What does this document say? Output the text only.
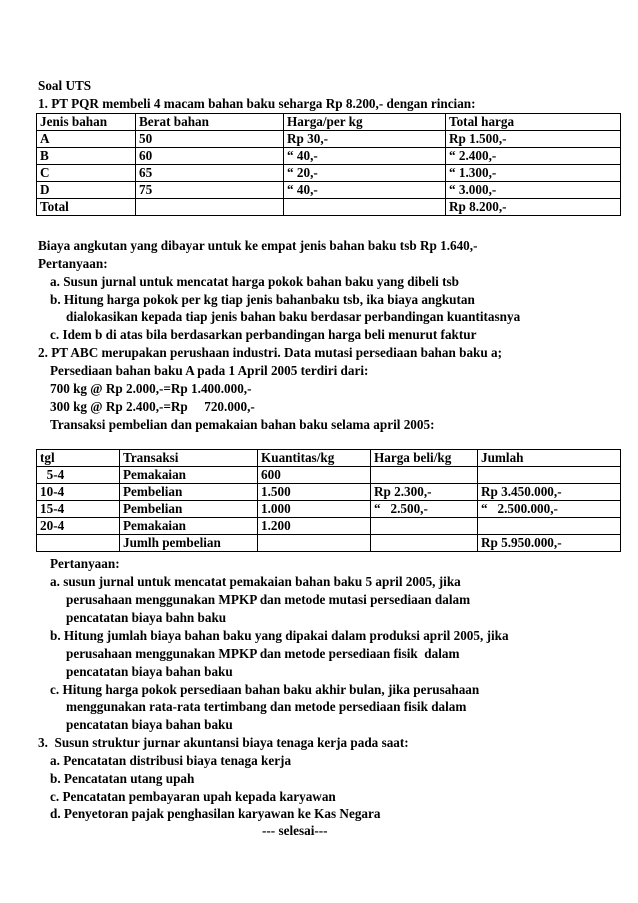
Soal UTS
1. PT PQR membeli 4 macam bahan baku seharga Rp 8.200,- dengan rincian:
Jenis bahan	Berat bahan	Harga/per kg	Total harga
A	50	Rp 30,-	Rp 1.500,-
B	60	“ 40,-	“ 2.400,-
C	65	“ 20,-	“ 1.300,-
D	75	“ 40,-	“ 3.000,-
Total			Rp 8.200,-
Biaya angkutan yang dibayar untuk ke empat jenis bahan baku tsb Rp 1.640,-
Pertanyaan:
a. Susun jurnal untuk mencatat harga pokok bahan baku yang dibeli tsb
b. Hitung harga pokok per kg tiap jenis bahanbaku tsb, ika biaya angkutan
dialokasikan kepada tiap jenis bahan baku berdasar perbandingan kuantitasnya
c. Idem b di atas bila berdasarkan perbandingan harga beli menurut faktur
2. PT ABC merupakan perushaan industri. Data mutasi persediaan bahan baku a;
Persediaan bahan baku A pada 1 April 2005 terdiri dari:
700 kg @ Rp 2.000,-=Rp 1.400.000,-
300 kg @ Rp 2.400,-=Rp     720.000,-
Transaksi pembelian dan pemakaian bahan baku selama april 2005:
tgl	Transaksi	Kuantitas/kg	Harga beli/kg	Jumlah
5-4	Pemakaian	600		
10-4	Pembelian	1.500	Rp 2.300,-	Rp 3.450.000,-
15-4	Pembelian	1.000	“   2.500,-	“   2.500.000,-
20-4	Pemakaian	1.200		
	Jumlh pembelian			Rp 5.950.000,-
Pertanyaan:
a. susun jurnal untuk mencatat pemakaian bahan baku 5 april 2005, jika
perusahaan menggunakan MPKP dan metode mutasi persediaan dalam
pencatatan biaya bahn baku
b. Hitung jumlah biaya bahan baku yang dipakai dalam produksi april 2005, jika
perusahaan menggunakan MPKP dan metode persediaan fisik  dalam
pencatatan biaya bahan baku
c. Hitung harga pokok persediaan bahan baku akhir bulan, jika perusahaan
menggunakan rata-rata tertimbang dan metode persediaan fisik dalam
pencatatan biaya bahan baku
3.  Susun struktur jurnar akuntansi biaya tenaga kerja pada saat:
a. Pencatatan distribusi biaya tenaga kerja
b. Pencatatan utang upah
c. Pencatatan pembayaran upah kepada karyawan
d. Penyetoran pajak penghasilan karyawan ke Kas Negara
--- selesai---
